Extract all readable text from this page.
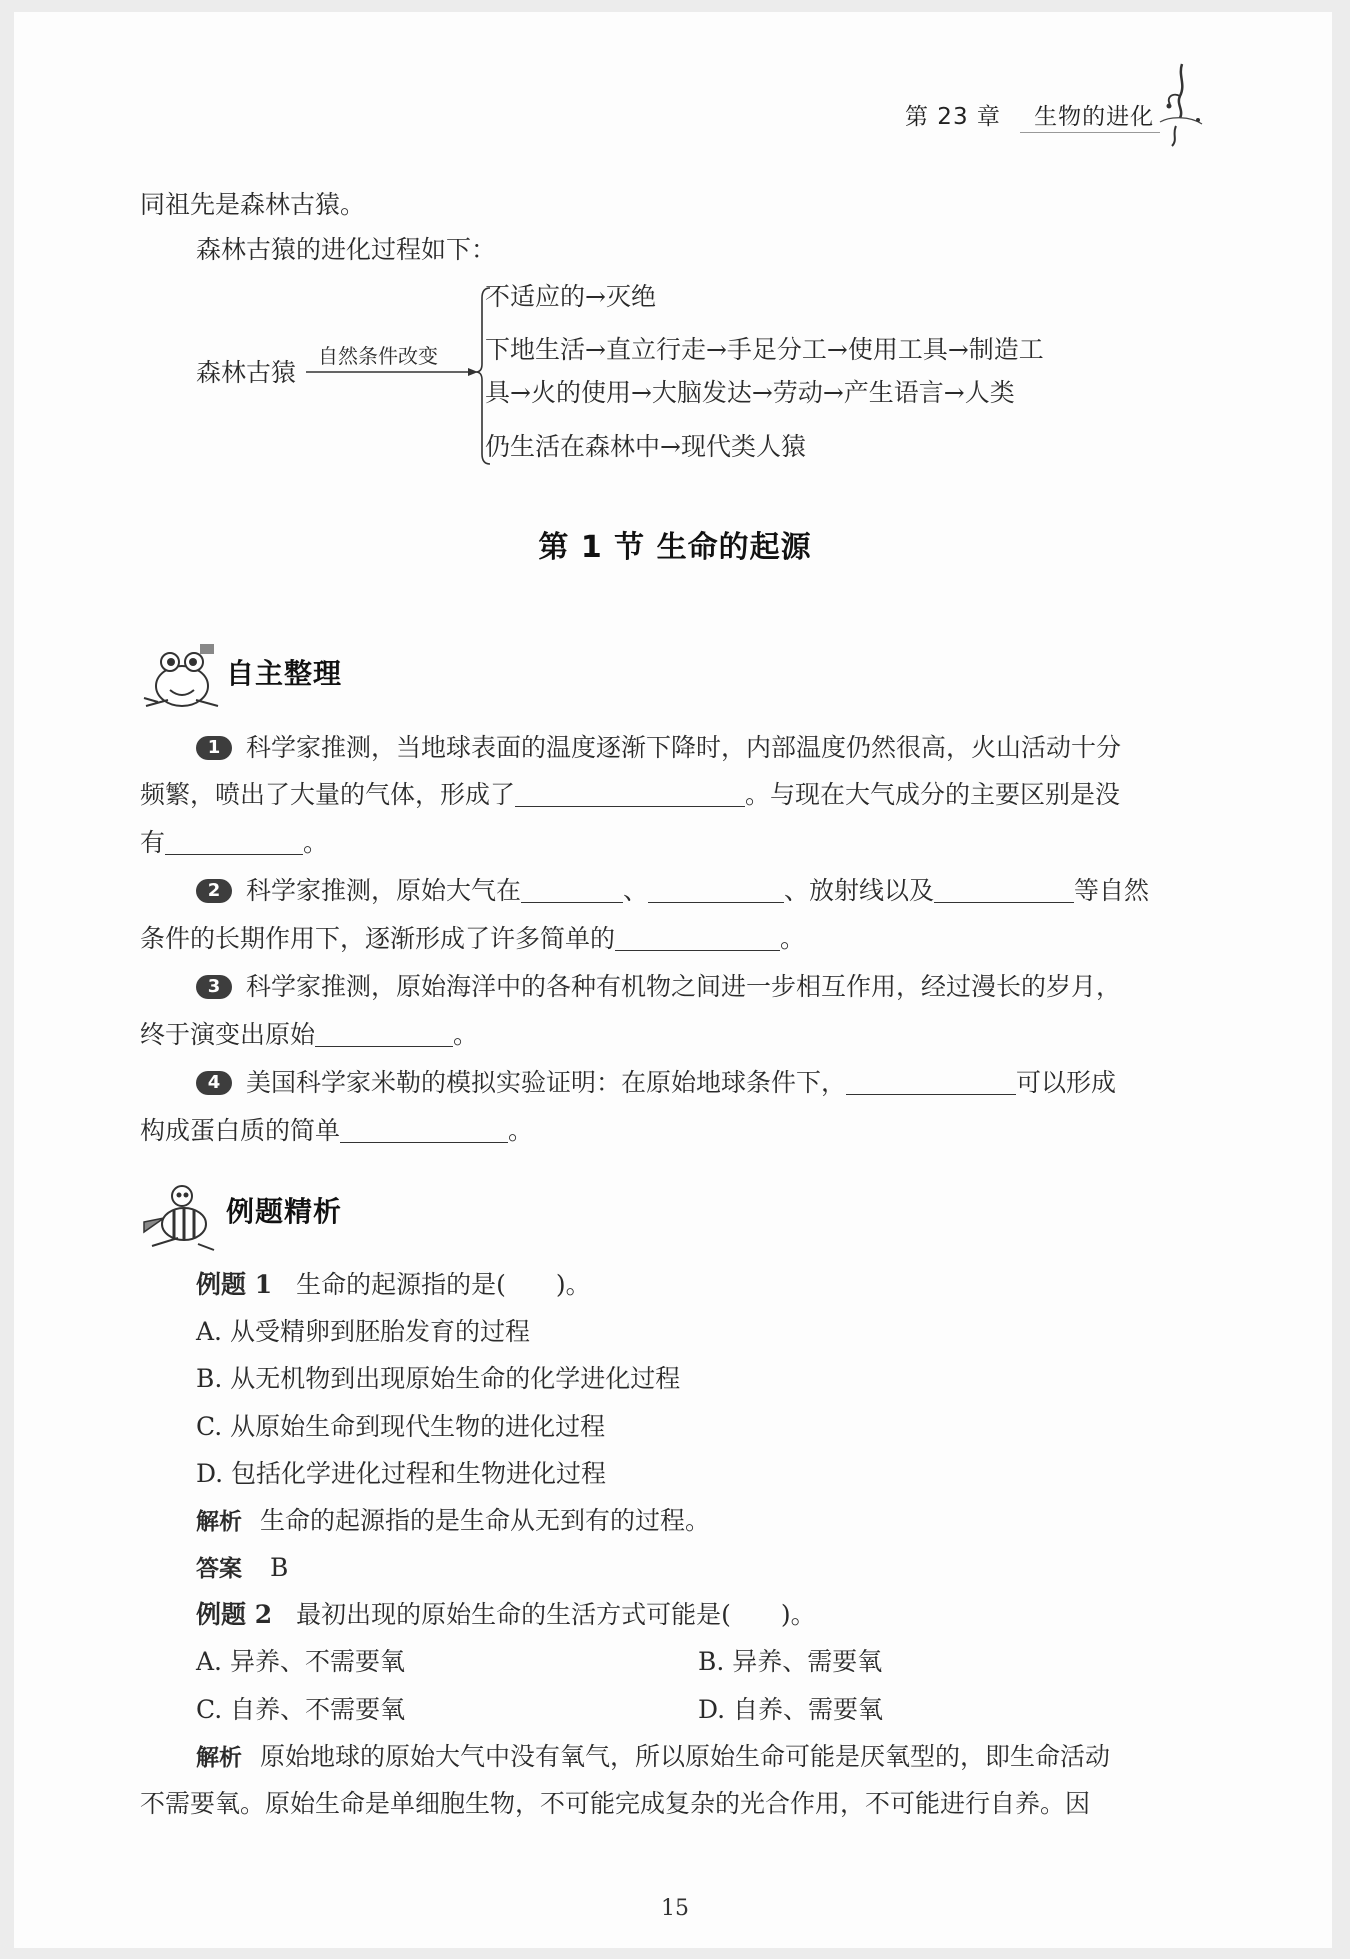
第 23 章    生物的进化
同祖先是森林古猿。
森林古猿的进化过程如下：
森林古猿
自然条件改变
不适应的→灭绝
下地生活→直立行走→手足分工→使用工具→制造工
具→火的使用→大脑发达→劳动→产生语言→人类
仍生活在森林中→现代类人猿
第 1 节 生命的起源
自主整理
1 科学家推测，当地球表面的温度逐渐下降时，内部温度仍然很高，火山活动十分
频繁，喷出了大量的气体，形成了	。与现在大气成分的主要区别是没
有	。
2 科学家推测，原始大气在	、	、放射线以及	等自然
条件的长期作用下，逐渐形成了许多简单的	。
3 科学家推测，原始海洋中的各种有机物之间进一步相互作用，经过漫长的岁月，
终于演变出原始	。
4 美国科学家米勒的模拟实验证明：在原始地球条件下，	可以形成
构成蛋白质的简单	。
例题精析
例题 1 生命的起源指的是(　　)。
A. 从受精卵到胚胎发育的过程
B. 从无机物到出现原始生命的化学进化过程
C. 从原始生命到现代生物的进化过程
D. 包括化学进化过程和生物进化过程
解析 生命的起源指的是生命从无到有的过程。
答案 B
例题 2 最初出现的原始生命的生活方式可能是(　　)。
A. 异养、不需要氧	B. 异养、需要氧
C. 自养、不需要氧	D. 自养、需要氧
解析 原始地球的原始大气中没有氧气，所以原始生命可能是厌氧型的，即生命活动
不需要氧。原始生命是单细胞生物，不可能完成复杂的光合作用，不可能进行自养。因
15
